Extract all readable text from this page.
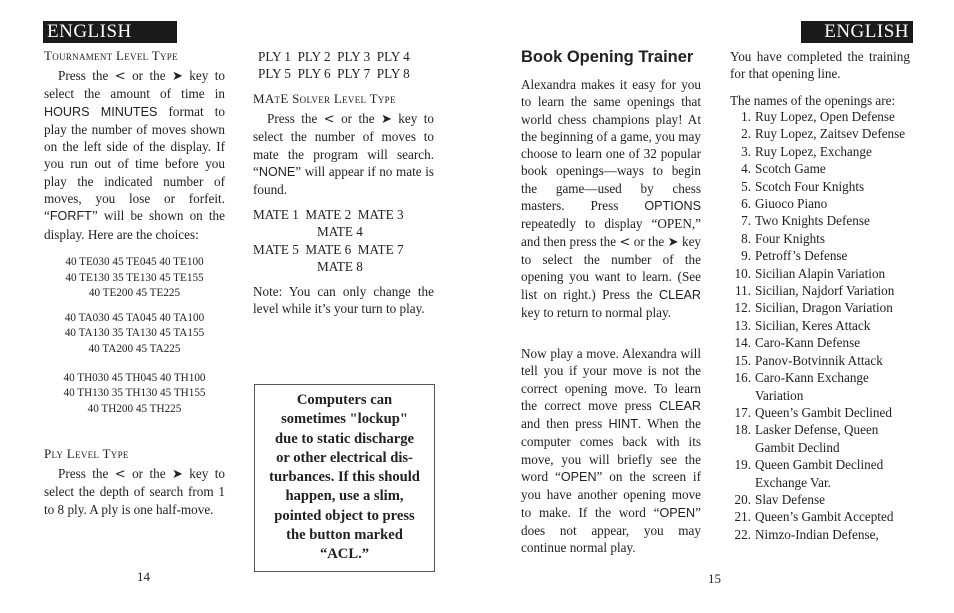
ENGLISH
Tournament Level Type
Press the < or the ➤ key to select the amount of time in HOURS MINUTES format to play the number of moves shown on the left side of the display. If you run out of time before you play the indicated number of moves, you lose or forfeit. “FORFT” will be shown on the display. Here are the choices:
40 TE030 45 TE045 40 TE100
40 TE130 35 TE130 45 TE155
40 TE200 45 TE225
40 TA030 45 TA045 40 TA100
40 TA130 35 TA130 45 TA155
40 TA200 45 TA225
40 TH030 45 TH045 40 TH100
40 TH130 35 TH130 45 TH155
40 TH200 45 TH225
Ply Level Type
Press the < or the ➤ key to select the depth of search from 1 to 8 ply. A ply is one half-move.
14
PLY 1  PLY 2  PLY 3  PLY 4
PLY 5  PLY 6  PLY 7  PLY 8
MAtE Solver Level Type
Press the < or the ➤ key to select the number of moves to mate the program will search. “NONE” will appear if no mate is found.
MATE 1  MATE 2  MATE 3
MATE 4
MATE 5  MATE 6  MATE 7
MATE 8
Note: You can only change the level while it’s your turn to play.
Computers can
sometimes "lockup"
due to static discharge
or other electrical dis-
turbances. If this should
happen, use a slim,
pointed object to press
the button marked
“ACL.”
ENGLISH
Book Opening Trainer
Alexandra makes it easy for you to learn the same openings that world chess champions play! At the beginning of a game, you may choose to learn one of 32 popular book openings—ways to begin the game—used by chess masters. Press OPTIONS repeatedly to display “OPEN,” and then press the < or the ➤ key to select the number of the opening you want to learn. (See list on right.) Press the CLEAR key to return to normal play.
Now play a move. Alexandra will tell you if your move is not the correct opening move. To learn the correct move press CLEAR and then press HINT. When the computer comes back with its move, you will briefly see the word “OPEN” on the screen if you have another opening move to make. If the word “OPEN” does not appear, you may continue normal play.
15
You have completed the training for that opening line.
The names of the openings are:
1. Ruy Lopez, Open Defense
2. Ruy Lopez, Zaitsev Defense
3. Ruy Lopez, Exchange
4. Scotch Game
5. Scotch Four Knights
6. Giuoco Piano
7. Two Knights Defense
8. Four Knights
9. Petroff’s Defense
10. Sicilian Alapin Variation
11. Sicilian, Najdorf Variation
12. Sicilian, Dragon Variation
13. Sicilian, Keres Attack
14. Caro-Kann Defense
15. Panov-Botvinnik Attack
16. Caro-Kann Exchange Variation
17. Queen’s Gambit Declined
18. Lasker Defense, Queen Gambit Declind
19. Queen Gambit Declined Exchange Var.
20. Slav Defense
21. Queen’s Gambit Accepted
22. Nimzo-Indian Defense,
